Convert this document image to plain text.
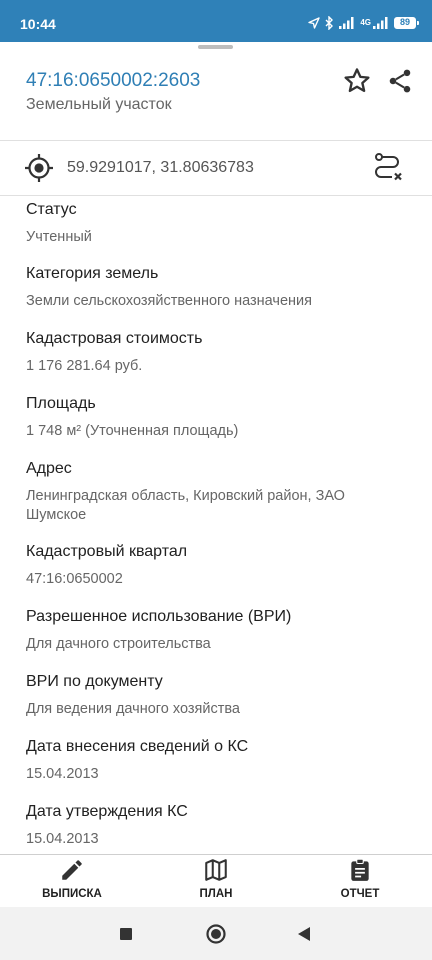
10:44	4G	89
47:16:0650002:2603
Земельный участок
59.9291017, 31.80636783
Статус
Учтенный
Категория земель
Земли сельскохозяйственного назначения
Кадастровая стоимость
1 176 281.64 руб.
Площадь
1 748 м² (Уточненная площадь)
Адрес
Ленинградская область, Кировский район, ЗАО Шумское
Кадастровый квартал
47:16:0650002
Разрешенное использование (ВРИ)
Для дачного строительства
ВРИ по документу
Для ведения дачного хозяйства
Дата внесения сведений о КС
15.04.2013
Дата утверждения КС
15.04.2013
ВЫПИСКА	ПЛАН	ОТЧЕТ
